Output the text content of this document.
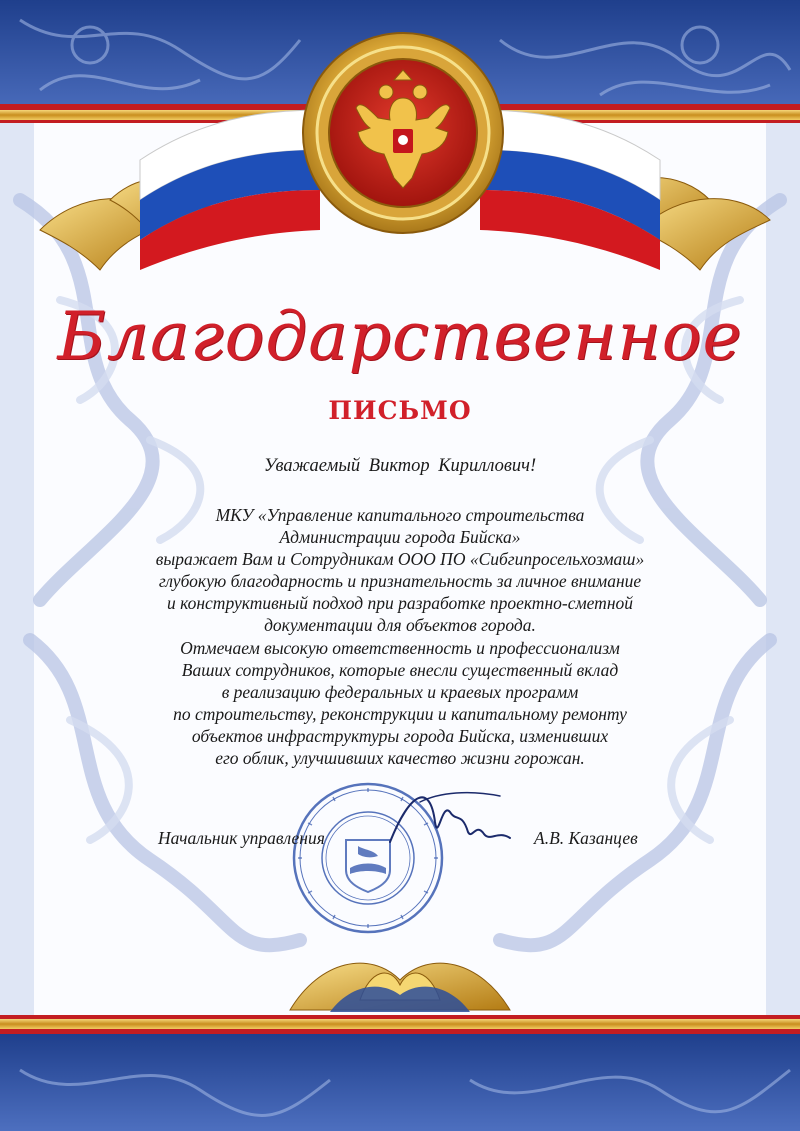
Благодарственное
ПИСЬМО
Уважаемый Виктор Кириллович!
МКУ «Управление капитального строительства
Администрации города Бийска»
выражает Вам и Сотрудникам ООО ПО «Сибгипросельхозмаш»
глубокую благодарность и признательность за личное внимание
и конструктивный подход при разработке проектно-сметной
документации для объектов города.
Отмечаем высокую ответственность и профессионализм
Ваших сотрудников, которые внесли существенный вклад
в реализацию федеральных и краевых программ
по строительству, реконструкции и капитальному ремонту
объектов инфраструктуры города Бийска, изменивших
его облик, улучшивших качество жизни горожан.
Начальник управления	А.В. Казанцев
